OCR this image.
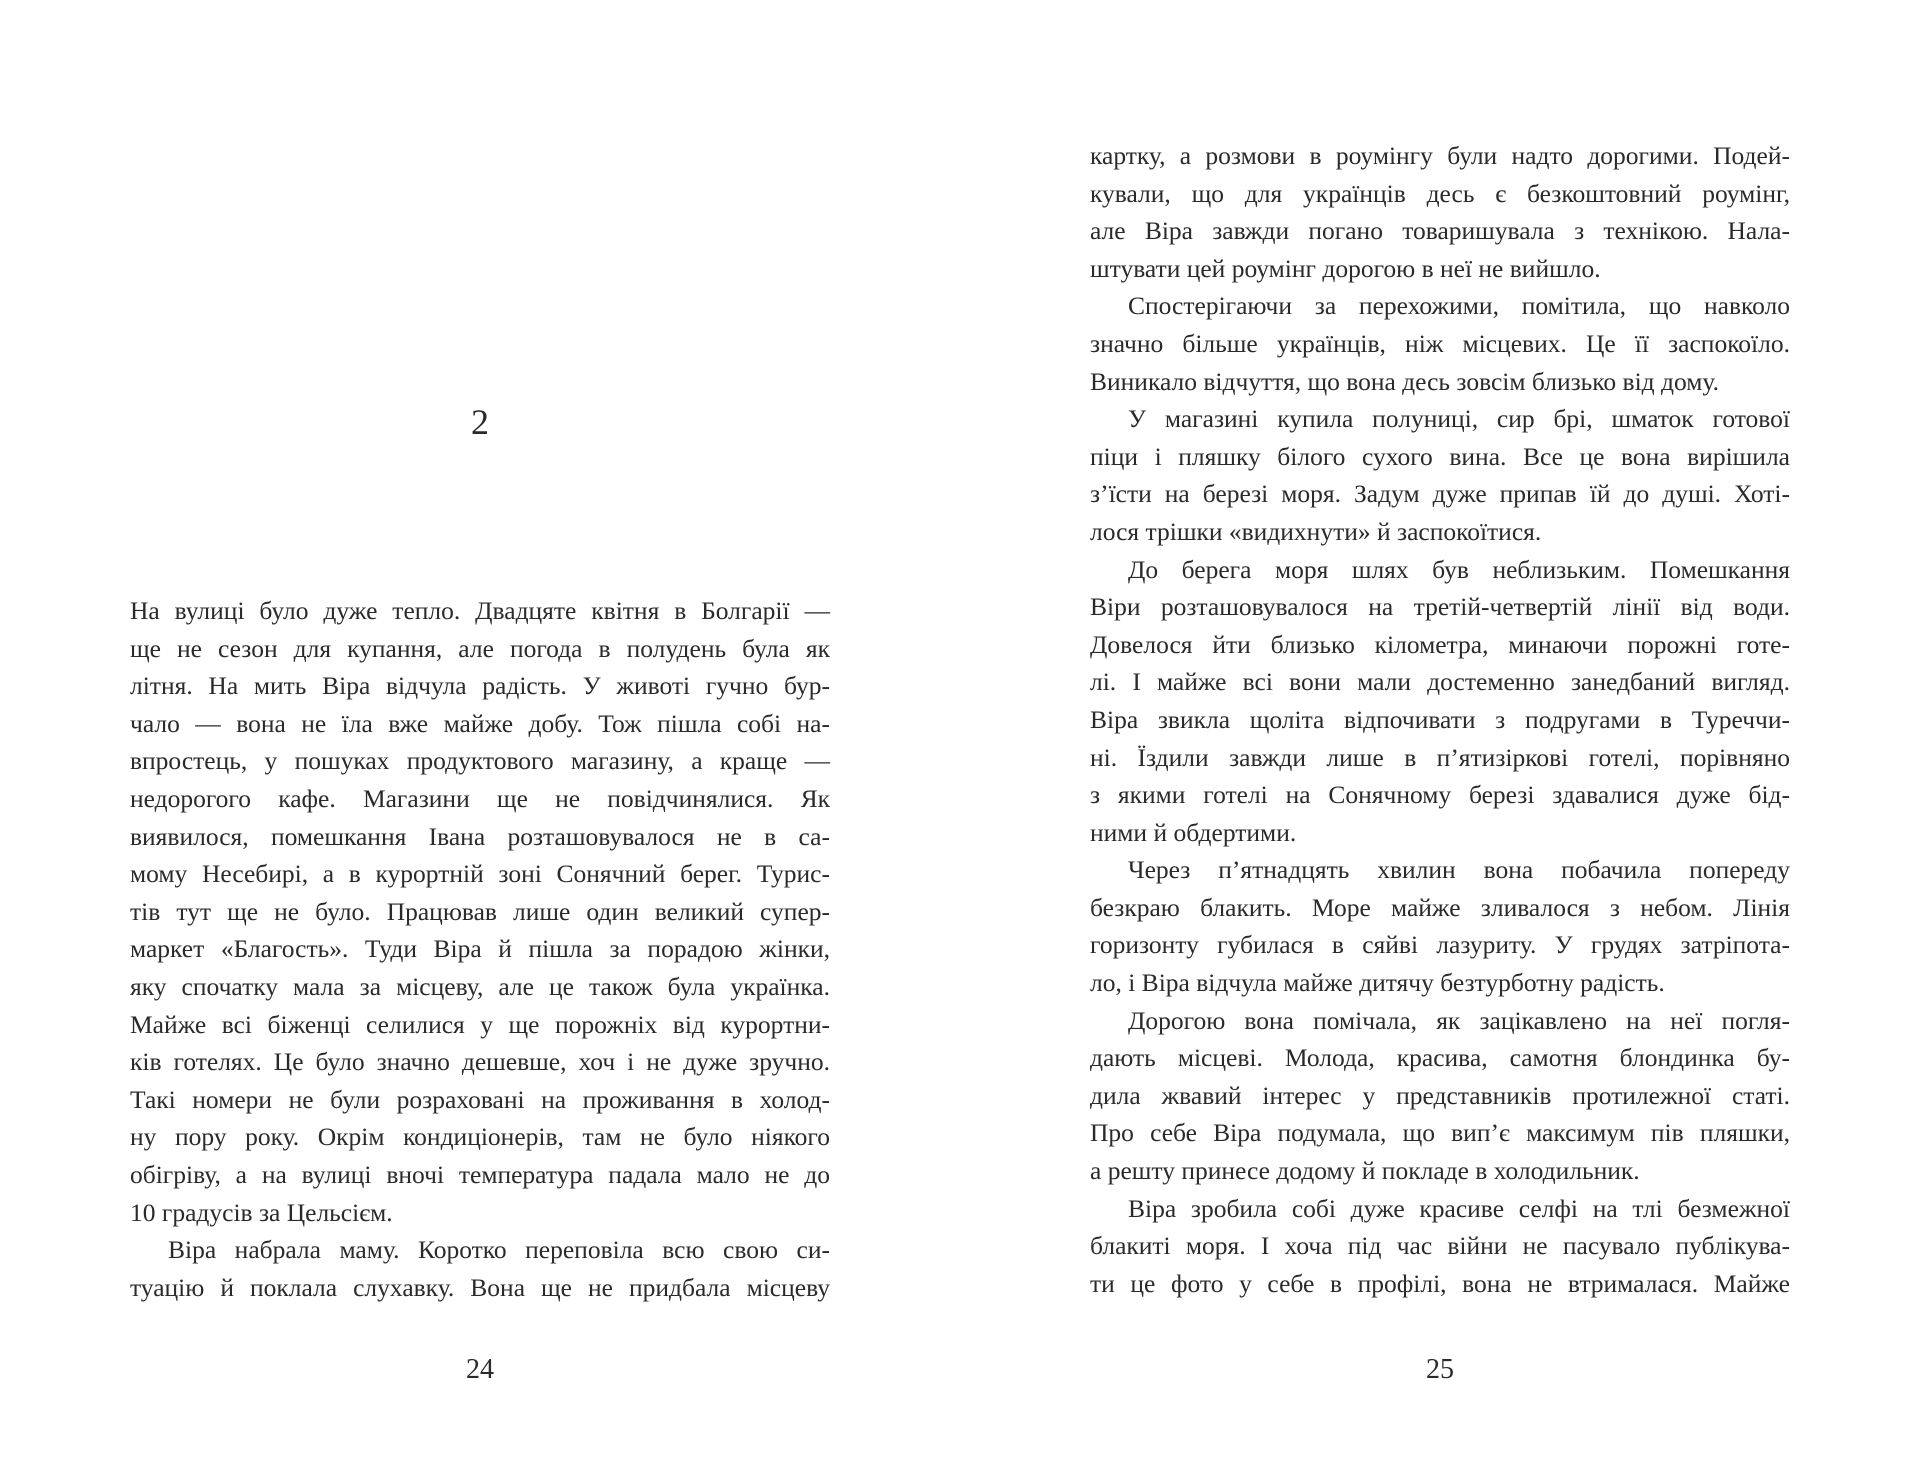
2
На вулиці було дуже тепло. Двадцяте квітня в Болгарії —
ще не сезон для купання, але погода в полудень була як
літня. На мить Віра відчула радість. У животі гучно бур-
чало — вона не їла вже майже добу. Тож пішла собі на-
впростець, у пошуках продуктового магазину, а краще —
недорогого кафе. Магазини ще не повідчинялися. Як
виявилося, помешкання Івана розташовувалося не в са-
мому Несебирі, а в курортній зоні Сонячний берег. Турис-
тів тут ще не було. Працював лише один великий супер-
маркет «Благость». Туди Віра й пішла за порадою жінки,
яку спочатку мала за місцеву, але це також була українка.
Майже всі біженці селилися у ще порожніх від курортни-
ків готелях. Це було значно дешевше, хоч і не дуже зручно.
Такі номери не були розраховані на проживання в холод-
ну пору року. Окрім кондиціонерів, там не було ніякого
обігріву, а на вулиці вночі температура падала мало не до
10 градусів за Цельсієм.
Віра набрала маму. Коротко переповіла всю свою си-
туацію й поклала слухавку. Вона ще не придбала місцеву
24
картку, а розмови в роумінгу були надто дорогими. Подей-
кували, що для українців десь є безкоштовний роумінг,
але Віра завжди погано товаришувала з технікою. Нала-
штувати цей роумінг дорогою в неї не вийшло.
Спостерігаючи за перехожими, помітила, що навколо
значно більше українців, ніж місцевих. Це її заспокоїло.
Виникало відчуття, що вона десь зовсім близько від дому.
У магазині купила полуниці, сир брі, шматок готової
піци і пляшку білого сухого вина. Все це вона вирішила
з’їсти на березі моря. Задум дуже припав їй до душі. Хоті-
лося трішки «видихнути» й заспокоїтися.
До берега моря шлях був неблизьким. Помешкання
Віри розташовувалося на третій-четвертій лінії від води.
Довелося йти близько кілометра, минаючи порожні готе-
лі. І майже всі вони мали достеменно занедбаний вигляд.
Віра звикла щоліта відпочивати з подругами в Туреччи-
ні. Їздили завжди лише в п’ятизіркові готелі, порівняно
з якими готелі на Сонячному березі здавалися дуже бід-
ними й обдертими.
Через п’ятнадцять хвилин вона побачила попереду
безкраю блакить. Море майже зливалося з небом. Лінія
горизонту губилася в сяйві лазуриту. У грудях затріпота-
ло, і Віра відчула майже дитячу безтурботну радість.
Дорогою вона помічала, як зацікавлено на неї погля-
дають місцеві. Молода, красива, самотня блондинка бу-
дила жвавий інтерес у представників протилежної статі.
Про себе Віра подумала, що вип’є максимум пів пляшки,
а решту принесе додому й покладе в холодильник.
Віра зробила собі дуже красиве селфі на тлі безмежної
блакиті моря. І хоча під час війни не пасувало публікува-
ти це фото у себе в профілі, вона не втрималася. Майже
25
